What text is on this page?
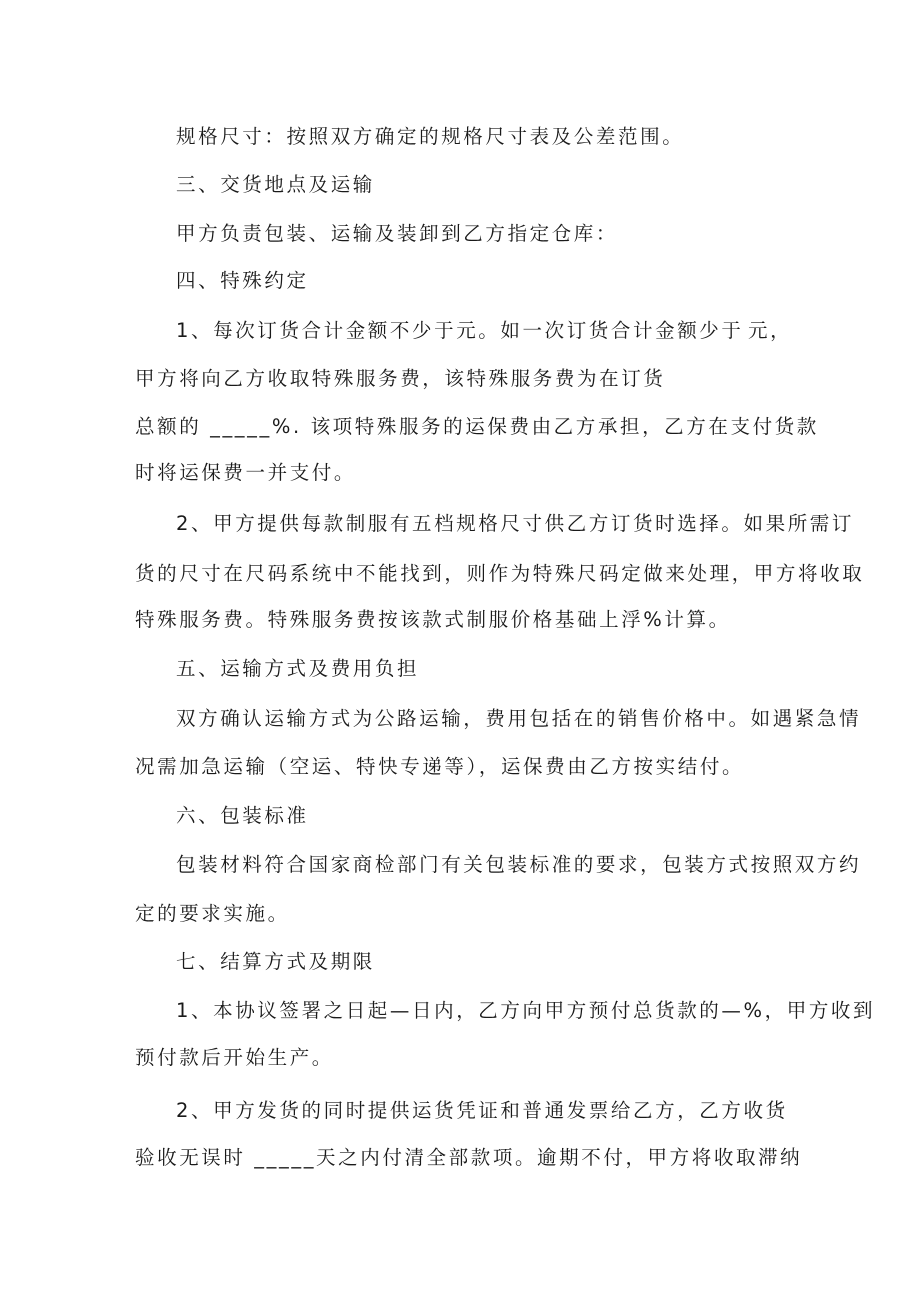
规格尺寸：按照双方确定的规格尺寸表及公差范围。
三、交货地点及运输
甲方负责包装、运输及装卸到乙方指定仓库：
四、特殊约定
1、每次订货合计金额不少于元。如一次订货合计金额少于 元，
甲方将向乙方收取特殊服务费，该特殊服务费为在订货
总额的 _____%. 该项特殊服务的运保费由乙方承担，乙方在支付货款
时将运保费一并支付。
2、甲方提供每款制服有五档规格尺寸供乙方订货时选择。如果所需订
货的尺寸在尺码系统中不能找到，则作为特殊尺码定做来处理，甲方将收取
特殊服务费。特殊服务费按该款式制服价格基础上浮%计算。
五、运输方式及费用负担
双方确认运输方式为公路运输，费用包括在的销售价格中。如遇紧急情
况需加急运输（空运、特快专递等），运保费由乙方按实结付。
六、包装标准
包装材料符合国家商检部门有关包装标准的要求，包装方式按照双方约
定的要求实施。
七、结算方式及期限
1、本协议签署之日起—日内，乙方向甲方预付总货款的—%，甲方收到
预付款后开始生产。
2、甲方发货的同时提供运货凭证和普通发票给乙方，乙方收货
验收无误时 _____天之内付清全部款项。逾期不付，甲方将收取滞纳
